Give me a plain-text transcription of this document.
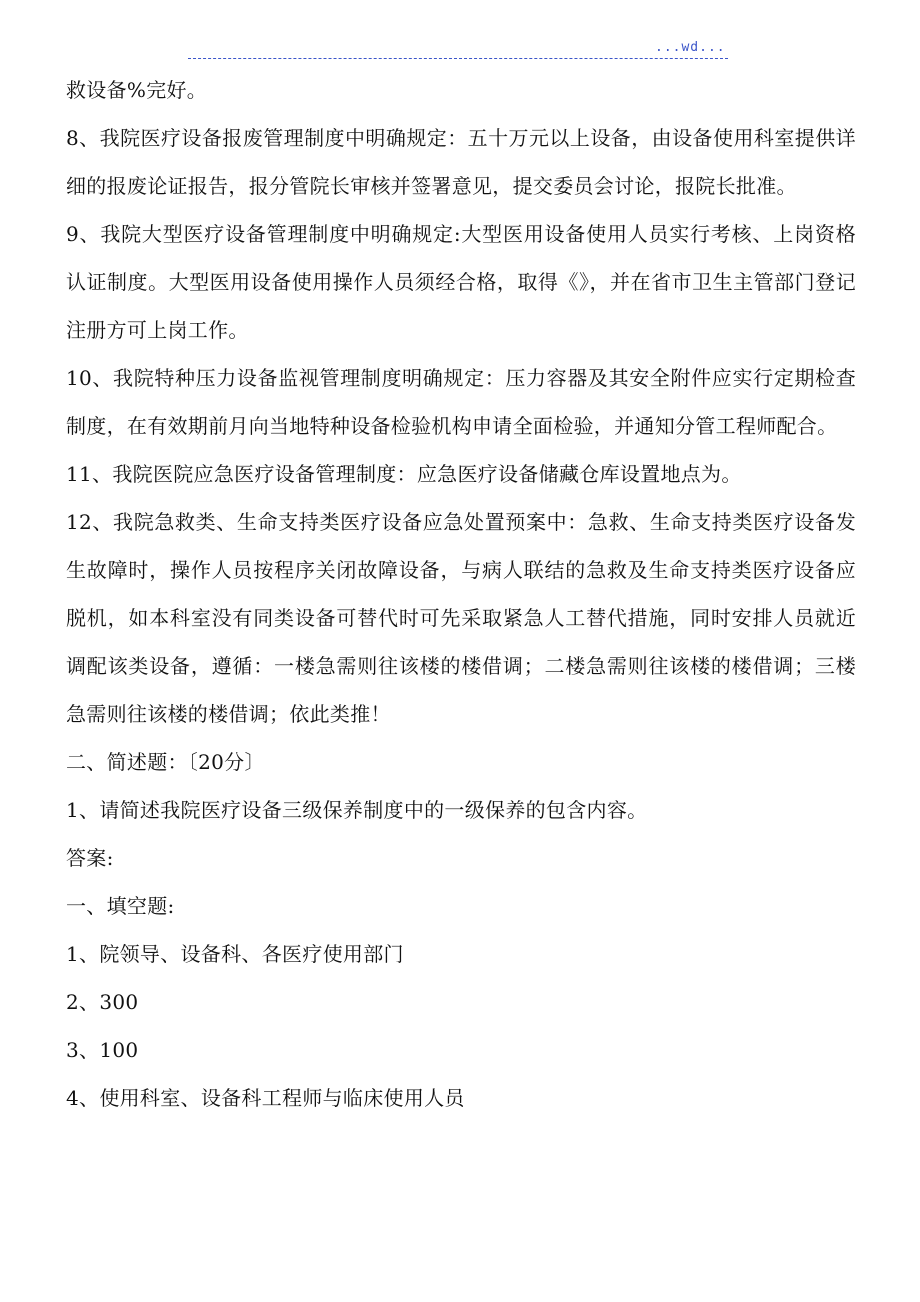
...wd...

救设备%完好。

8、我院医疗设备报废管理制度中明确规定：五十万元以上设备，由设备使用科室提供详细的报废论证报告，报分管院长审核并签署意见，提交委员会讨论，报院长批准。

9、我院大型医疗设备管理制度中明确规定:大型医用设备使用人员实行考核、上岗资格认证制度。大型医用设备使用操作人员须经合格，取得《》，并在省市卫生主管部门登记注册方可上岗工作。

10、我院特种压力设备监视管理制度明确规定：压力容器及其安全附件应实行定期检查制度，在有效期前月向当地特种设备检验机构申请全面检验，并通知分管工程师配合。

11、我院医院应急医疗设备管理制度：应急医疗设备储藏仓库设置地点为。

12、我院急救类、生命支持类医疗设备应急处置预案中：急救、生命支持类医疗设备发生故障时，操作人员按程序关闭故障设备，与病人联结的急救及生命支持类医疗设备应脱机，如本科室没有同类设备可替代时可先采取紧急人工替代措施，同时安排人员就近调配该类设备，遵循：一楼急需则往该楼的楼借调；二楼急需则往该楼的楼借调；三楼急需则往该楼的楼借调；依此类推！

二、简述题：〔20分〕

1、请简述我院医疗设备三级保养制度中的一级保养的包含内容。

答案:

一、填空题:

1、院领导、设备科、各医疗使用部门

2、300

3、100

4、使用科室、设备科工程师与临床使用人员
